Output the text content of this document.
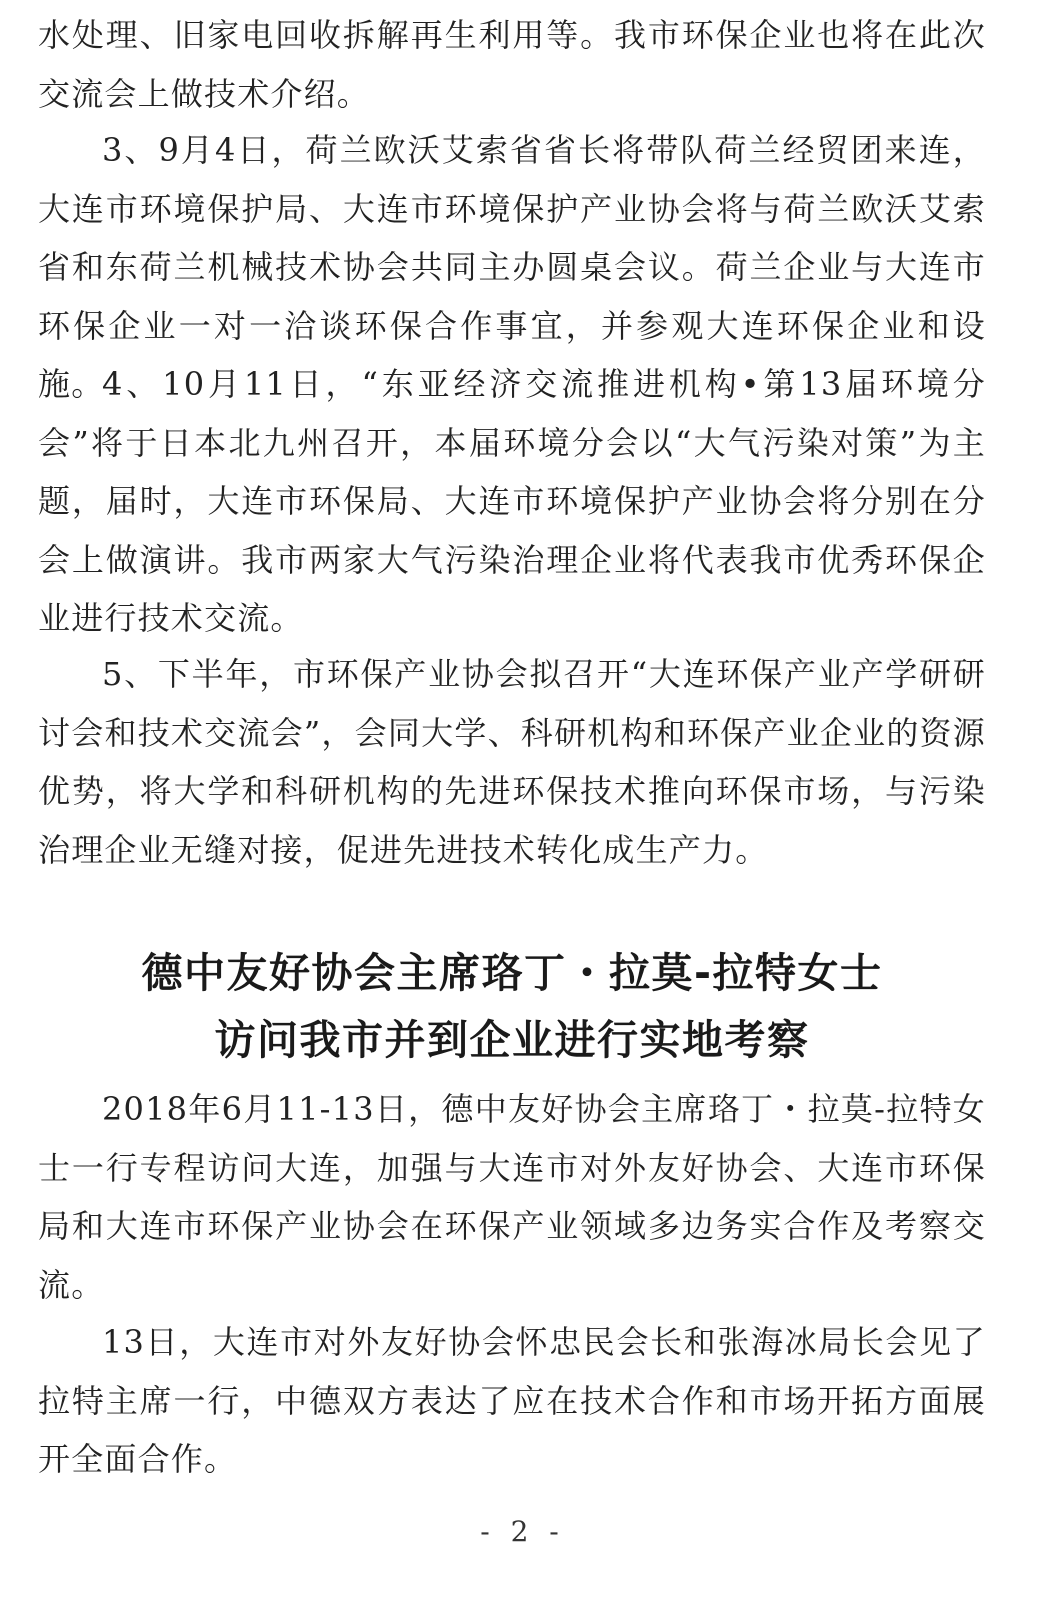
水处理、旧家电回收拆解再生利用等。我市环保企业也将在此次交流会上做技术介绍。

3、9月4日，荷兰欧沃艾索省省长将带队荷兰经贸团来连，大连市环境保护局、大连市环境保护产业协会将与荷兰欧沃艾索省和东荷兰机械技术协会共同主办圆桌会议。荷兰企业与大连市环保企业一对一洽谈环保合作事宜，并参观大连环保企业和设施。

4、10月11日，“东亚经济交流推进机构•第13届环境分会”将于日本北九州召开，本届环境分会以“大气污染对策”为主题，届时，大连市环保局、大连市环境保护产业协会将分别在分会上做演讲。我市两家大气污染治理企业将代表我市优秀环保企业进行技术交流。

5、下半年，市环保产业协会拟召开“大连环保产业产学研研讨会和技术交流会”，会同大学、科研机构和环保产业企业的资源优势，将大学和科研机构的先进环保技术推向环保市场，与污染治理企业无缝对接，促进先进技术转化成生产力。

德中友好协会主席珞丁・拉莫-拉特女士
访问我市并到企业进行实地考察

2018年6月11-13日，德中友好协会主席珞丁・拉莫-拉特女士一行专程访问大连，加强与大连市对外友好协会、大连市环保局和大连市环保产业协会在环保产业领域多边务实合作及考察交流。

13日，大连市对外友好协会怀忠民会长和张海冰局长会见了拉特主席一行，中德双方表达了应在技术合作和市场开拓方面展开全面合作。

- 2 -
